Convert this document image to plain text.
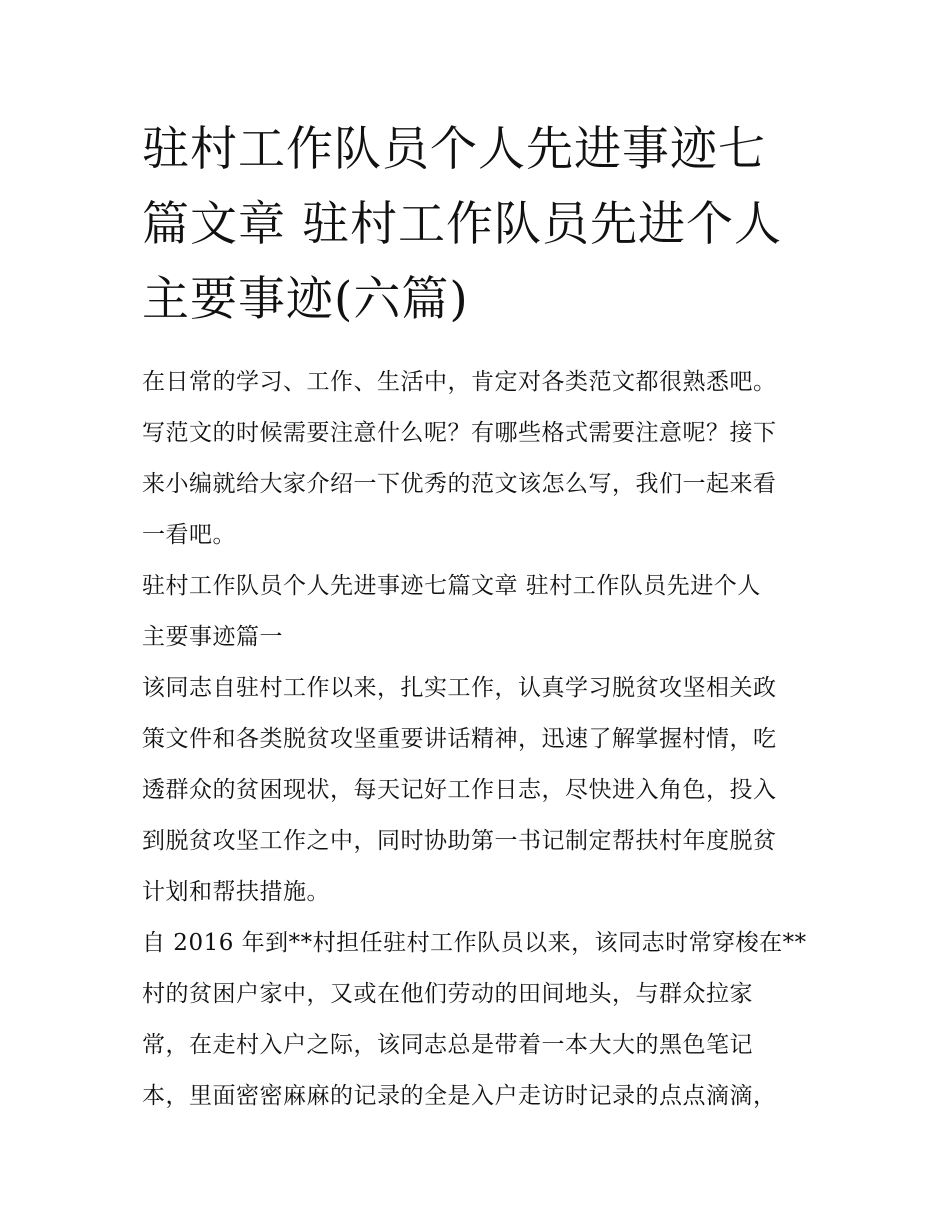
驻村工作队员个人先进事迹七
篇文章 驻村工作队员先进个人
主要事迹(六篇)
在日常的学习、工作、生活中，肯定对各类范文都很熟悉吧。
写范文的时候需要注意什么呢？有哪些格式需要注意呢？接下
来小编就给大家介绍一下优秀的范文该怎么写，我们一起来看
一看吧。
驻村工作队员个人先进事迹七篇文章 驻村工作队员先进个人
主要事迹篇一
该同志自驻村工作以来，扎实工作，认真学习脱贫攻坚相关政
策文件和各类脱贫攻坚重要讲话精神，迅速了解掌握村情，吃
透群众的贫困现状，每天记好工作日志，尽快进入角色，投入
到脱贫攻坚工作之中，同时协助第一书记制定帮扶村年度脱贫
计划和帮扶措施。
自 2016 年到**村担任驻村工作队员以来，该同志时常穿梭在**
村的贫困户家中，又或在他们劳动的田间地头，与群众拉家
常，在走村入户之际，该同志总是带着一本大大的黑色笔记
本，里面密密麻麻的记录的全是入户走访时记录的点点滴滴，
